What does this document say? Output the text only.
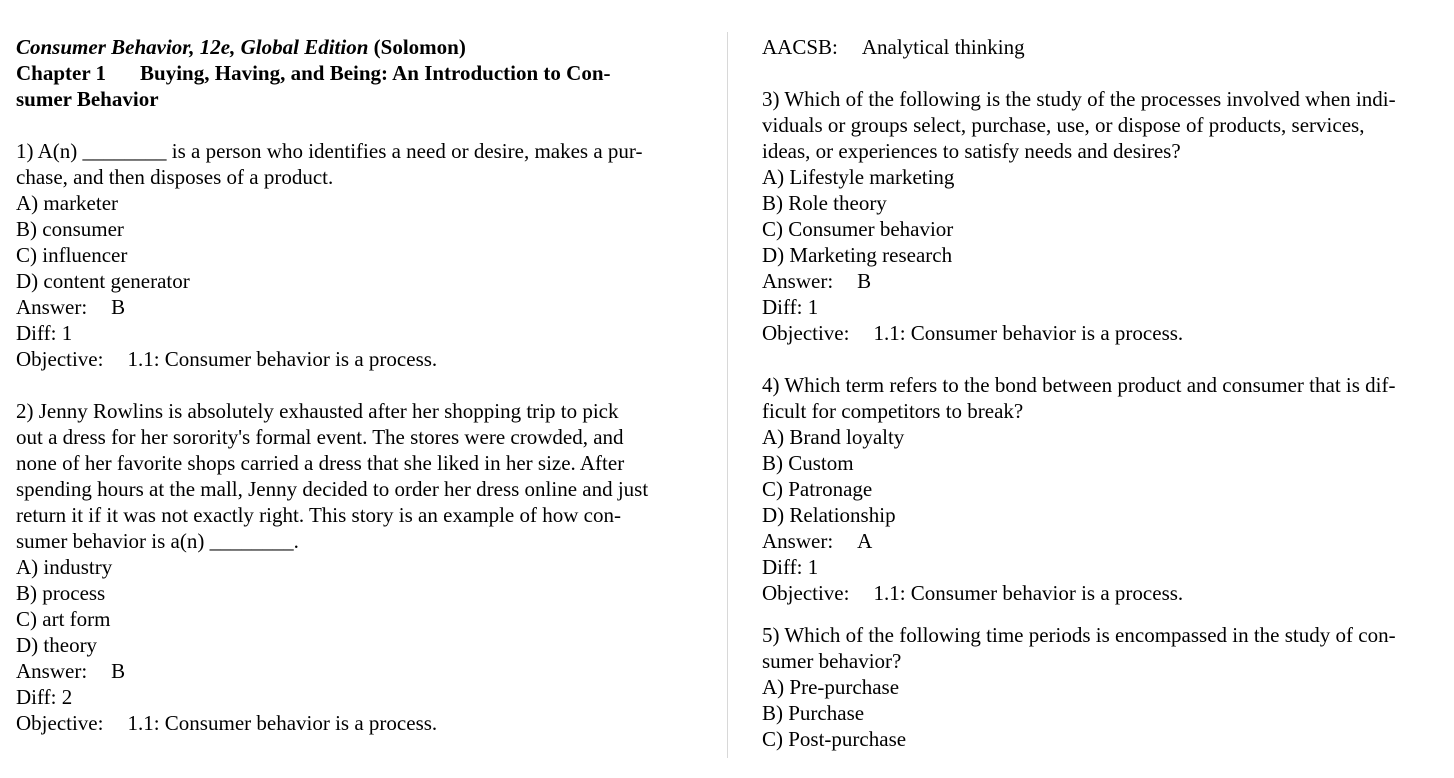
Consumer Behavior, 12e, Global Edition (Solomon)
Chapter 1 Buying, Having, and Being: An Introduction to Con-
sumer Behavior
1) A(n) ________ is a person who identifies a need or desire, makes a pur-
chase, and then disposes of a product.
A) marketer
B) consumer
C) influencer
D) content generator
Answer: B
Diff: 1
Objective: 1.1: Consumer behavior is a process.
2) Jenny Rowlins is absolutely exhausted after her shopping trip to pick
out a dress for her sorority's formal event. The stores were crowded, and
none of her favorite shops carried a dress that she liked in her size. After
spending hours at the mall, Jenny decided to order her dress online and just
return it if it was not exactly right. This story is an example of how con-
sumer behavior is a(n) ________.
A) industry
B) process
C) art form
D) theory
Answer: B
Diff: 2
Objective: 1.1: Consumer behavior is a process.
AACSB: Analytical thinking
3) Which of the following is the study of the processes involved when indi-
viduals or groups select, purchase, use, or dispose of products, services,
ideas, or experiences to satisfy needs and desires?
A) Lifestyle marketing
B) Role theory
C) Consumer behavior
D) Marketing research
Answer: B
Diff: 1
Objective: 1.1: Consumer behavior is a process.
4) Which term refers to the bond between product and consumer that is dif-
ficult for competitors to break?
A) Brand loyalty
B) Custom
C) Patronage
D) Relationship
Answer: A
Diff: 1
Objective: 1.1: Consumer behavior is a process.
5) Which of the following time periods is encompassed in the study of con-
sumer behavior?
A) Pre-purchase
B) Purchase
C) Post-purchase
